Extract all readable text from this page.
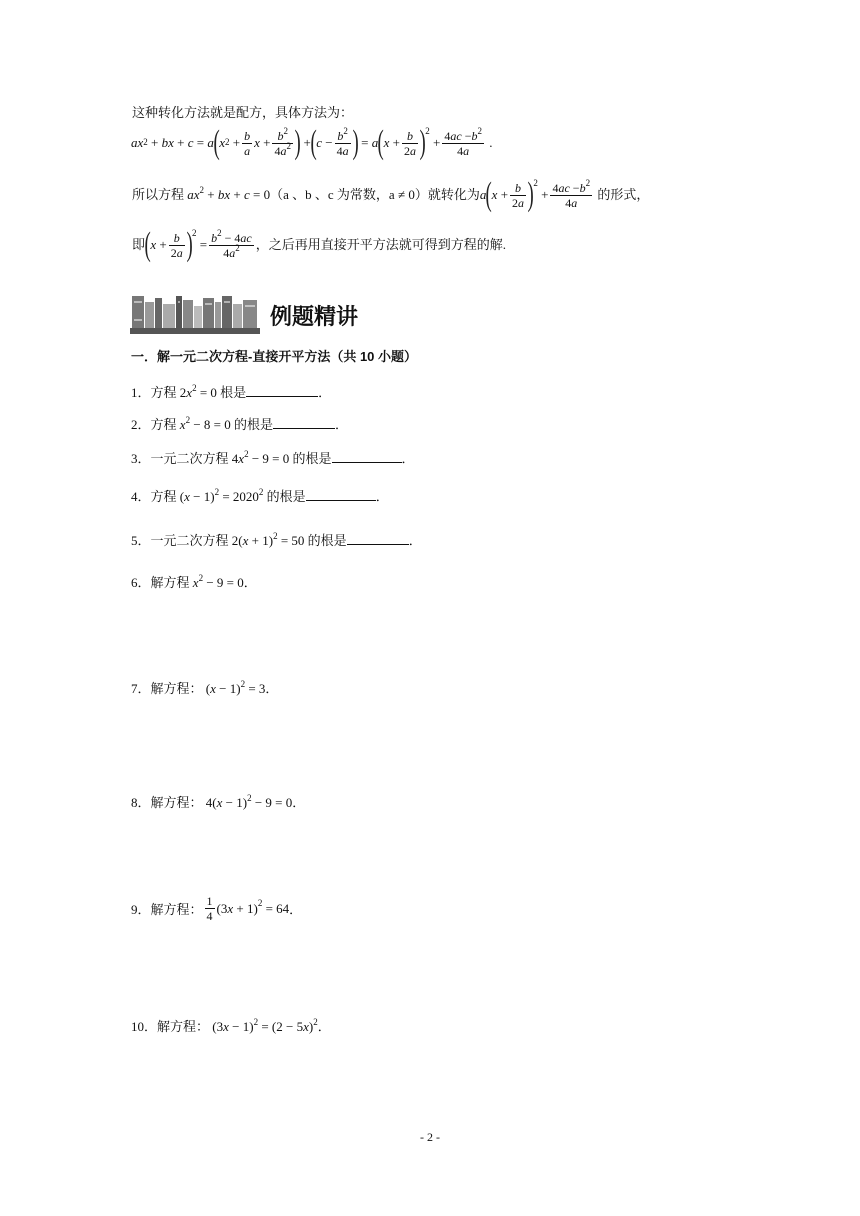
这种转化方法就是配方，具体方法为：
$ax^2$ + bx + c = a ( $x^2 + \frac{b}{a}$ $x + \frac{b^2}{4a^2}$ ) + ( $c - \frac{b^2}{4a}$ ) = a ( $x + \frac{b}{2a} )^2$
+ $\frac{4ac -b^2}{4a}$ .
所以方程 $ax^2$ + bx + c = 0 （a 、b 、c 为常数，a ≠ 0）就转化为 a ( $x + \frac{b}{2a} )^2$
+ $\frac{4ac -b^2}{4a}$
的形式，
即 ( $x + \frac{b}{2a} )^2$
= $\frac{b^2 - 4ac}{4a^2}$ ，之后再用直接开平方法就可得到方程的解.
例题精讲
一．解一元二次方程-直接开平方法（共 10 小题）
1．方程 $2x^2 = 0$ 根是	．
2．方程 $x^2 - 8 = 0$ 的根是	．
3．一元二次方程 $4x^2 - 9 = 0$ 的根是	．
4．方程 $(x - 1)^2 = 2020^2$ 的根是	．
5．一元二次方程 $2(x + 1)^2 = 50$ 的根是	．
6．解方程 $x^2 - 9 = 0$．
7．解方程： $(x - 1)^2 = 3$．
8．解方程： $4(x - 1)^2 - 9 = 0$．
9． 解方程： $\frac{1}{4} (3x + 1)^2 = 64$ ．
10．解方程： $(3x - 1)^2 = (2 - 5x)^2$．
- 2 -
